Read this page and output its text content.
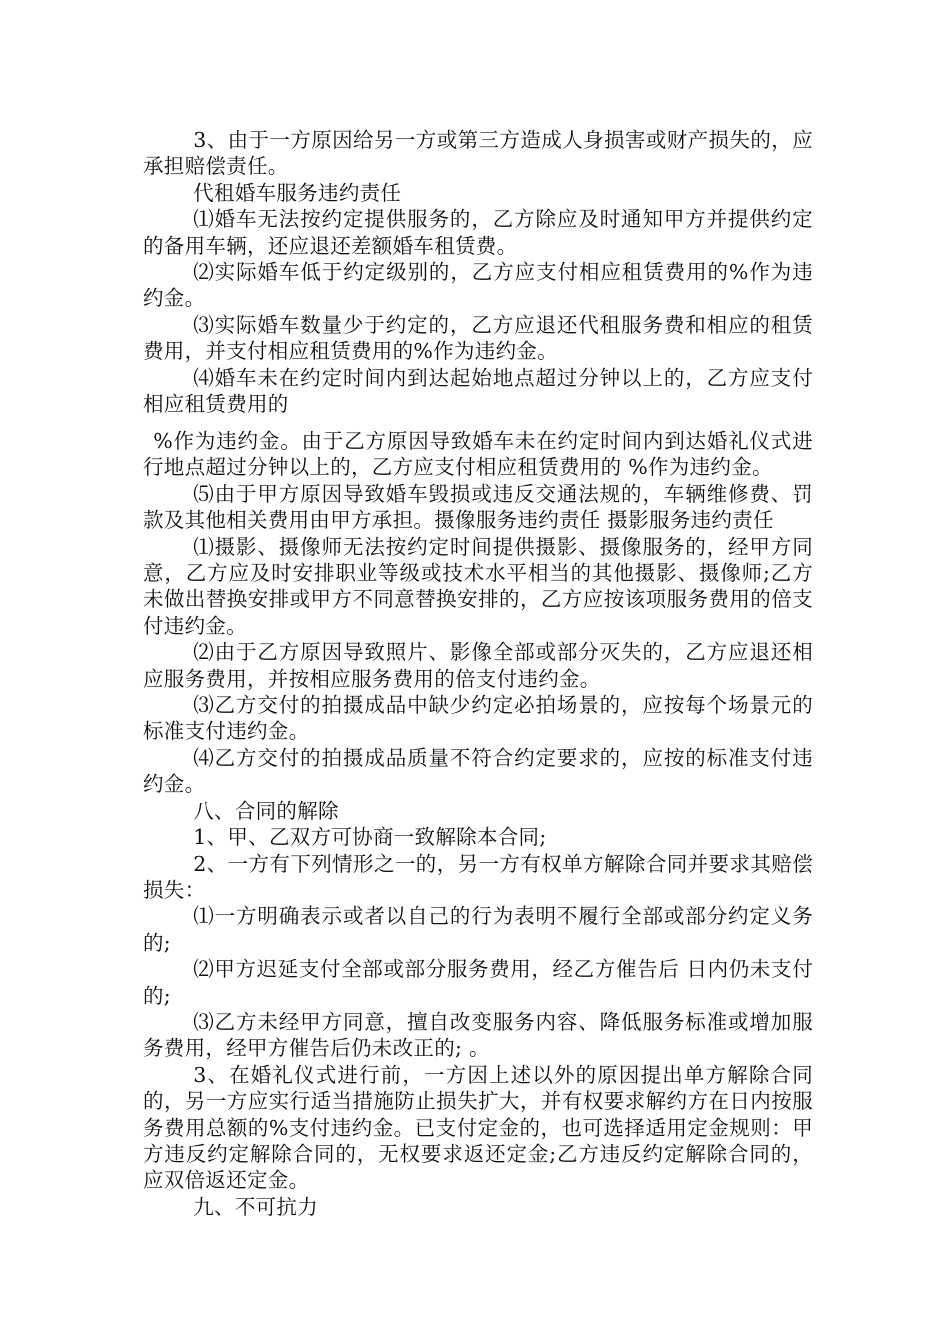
3、由于一方原因给另一方或第三方造成人身损害或财产损失的，应承担赔偿责任。

代租婚车服务违约责任

⑴婚车无法按约定提供服务的，乙方除应及时通知甲方并提供约定的备用车辆，还应退还差额婚车租赁费。

⑵实际婚车低于约定级别的，乙方应支付相应租赁费用的%作为违约金。

⑶实际婚车数量少于约定的，乙方应退还代租服务费和相应的租赁费用，并支付相应租赁费用的%作为违约金。

⑷婚车未在约定时间内到达起始地点超过分钟以上的，乙方应支付相应租赁费用的

%作为违约金。由于乙方原因导致婚车未在约定时间内到达婚礼仪式进行地点超过分钟以上的，乙方应支付相应租赁费用的 %作为违约金。

⑸由于甲方原因导致婚车毁损或违反交通法规的，车辆维修费、罚款及其他相关费用由甲方承担。摄像服务违约责任 摄影服务违约责任

⑴摄影、摄像师无法按约定时间提供摄影、摄像服务的，经甲方同意，乙方应及时安排职业等级或技术水平相当的其他摄影、摄像师;乙方未做出替换安排或甲方不同意替换安排的，乙方应按该项服务费用的倍支付违约金。

⑵由于乙方原因导致照片、影像全部或部分灭失的，乙方应退还相应服务费用，并按相应服务费用的倍支付违约金。

⑶乙方交付的拍摄成品中缺少约定必拍场景的，应按每个场景元的标准支付违约金。

⑷乙方交付的拍摄成品质量不符合约定要求的，应按的标准支付违约金。

八、合同的解除

1、甲、乙双方可协商一致解除本合同;

2、一方有下列情形之一的，另一方有权单方解除合同并要求其赔偿损失：

⑴一方明确表示或者以自己的行为表明不履行全部或部分约定义务的;

⑵甲方迟延支付全部或部分服务费用，经乙方催告后 日内仍未支付的;

⑶乙方未经甲方同意，擅自改变服务内容、降低服务标准或增加服务费用，经甲方催告后仍未改正的; 。

3、在婚礼仪式进行前，一方因上述以外的原因提出单方解除合同的，另一方应实行适当措施防止损失扩大，并有权要求解约方在日内按服务费用总额的%支付违约金。已支付定金的，也可选择适用定金规则：甲方违反约定解除合同的，无权要求返还定金;乙方违反约定解除合同的，应双倍返还定金。

九、不可抗力
